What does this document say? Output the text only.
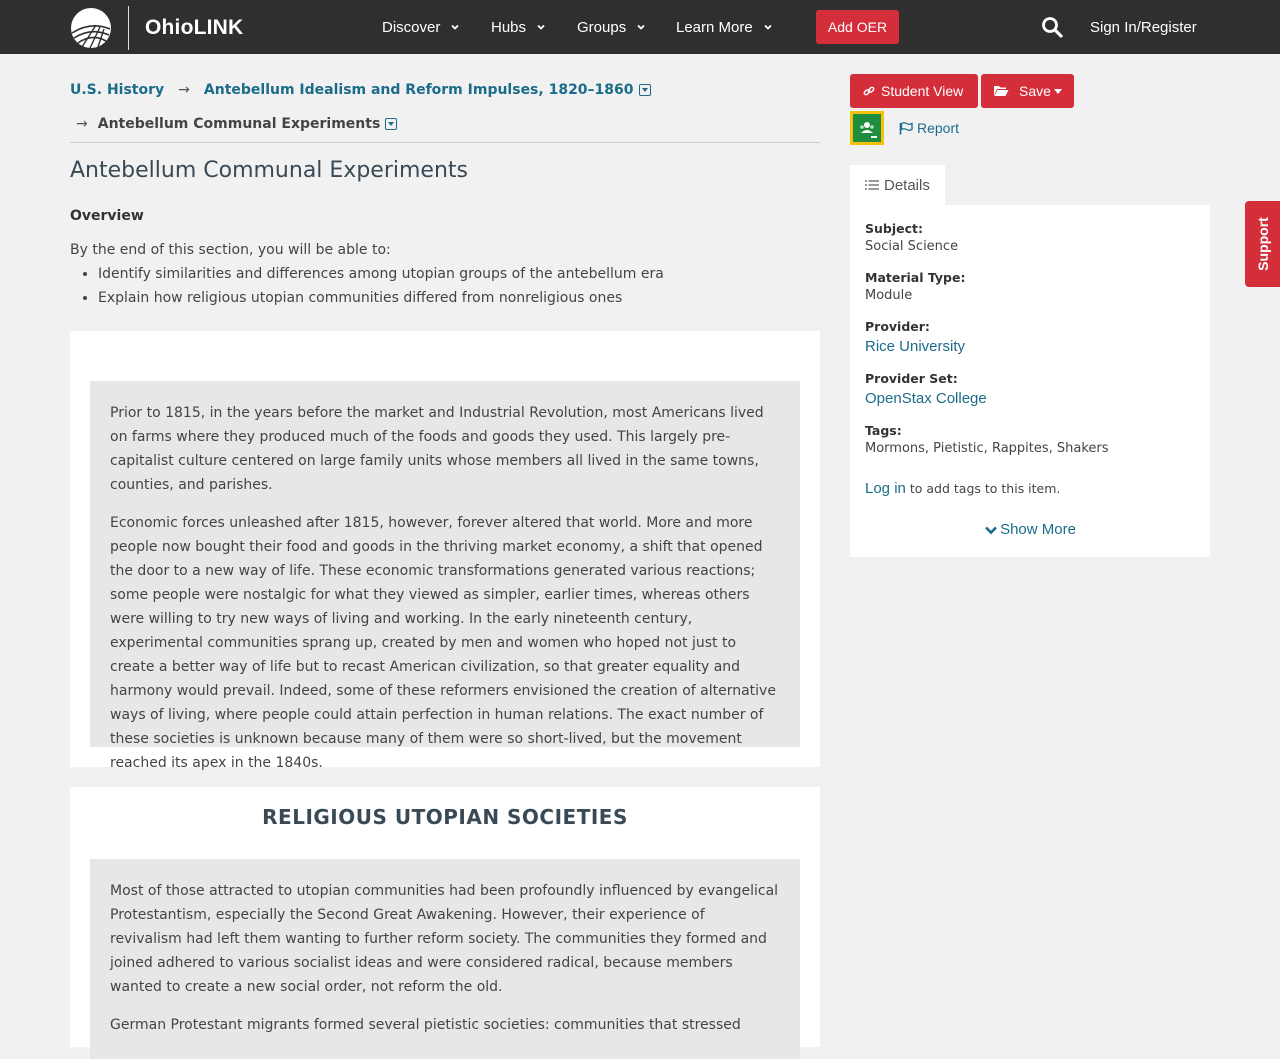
OhioLINK	Discover	Hubs	Groups	Learn More	Add OER	Sign In/Register
U.S. History → Antebellum Idealism and Reform Impulses, 1820–1860
→ Antebellum Communal Experiments
Antebellum Communal Experiments
Overview
By the end of this section, you will be able to:
• Identify similarities and differences among utopian groups of the antebellum era
• Explain how religious utopian communities differed from nonreligious ones

Prior to 1815, in the years before the market and Industrial Revolution, most Americans lived on farms where they produced much of the foods and goods they used. This largely pre-capitalist culture centered on large family units whose members all lived in the same towns, counties, and parishes.

Economic forces unleashed after 1815, however, forever altered that world. More and more people now bought their food and goods in the thriving market economy, a shift that opened the door to a new way of life. These economic transformations generated various reactions; some people were nostalgic for what they viewed as simpler, earlier times, whereas others were willing to try new ways of living and working. In the early nineteenth century, experimental communities sprang up, created by men and women who hoped not just to create a better way of life but to recast American civilization, so that greater equality and harmony would prevail. Indeed, some of these reformers envisioned the creation of alternative ways of living, where people could attain perfection in human relations. The exact number of these societies is unknown because many of them were so short-lived, but the movement reached its apex in the 1840s.

RELIGIOUS UTOPIAN SOCIETIES

Most of those attracted to utopian communities had been profoundly influenced by evangelical Protestantism, especially the Second Great Awakening. However, their experience of revivalism had left them wanting to further reform society. The communities they formed and joined adhered to various socialist ideas and were considered radical, because members wanted to create a new social order, not reform the old.

German Protestant migrants formed several pietistic societies: communities that stressed

Student View	Save
Report
Details
Subject:
Social Science
Material Type:
Module
Provider:
Rice University
Provider Set:
OpenStax College
Tags:
Mormons, Pietistic, Rappites, Shakers
Log in to add tags to this item.
Show More
Support
